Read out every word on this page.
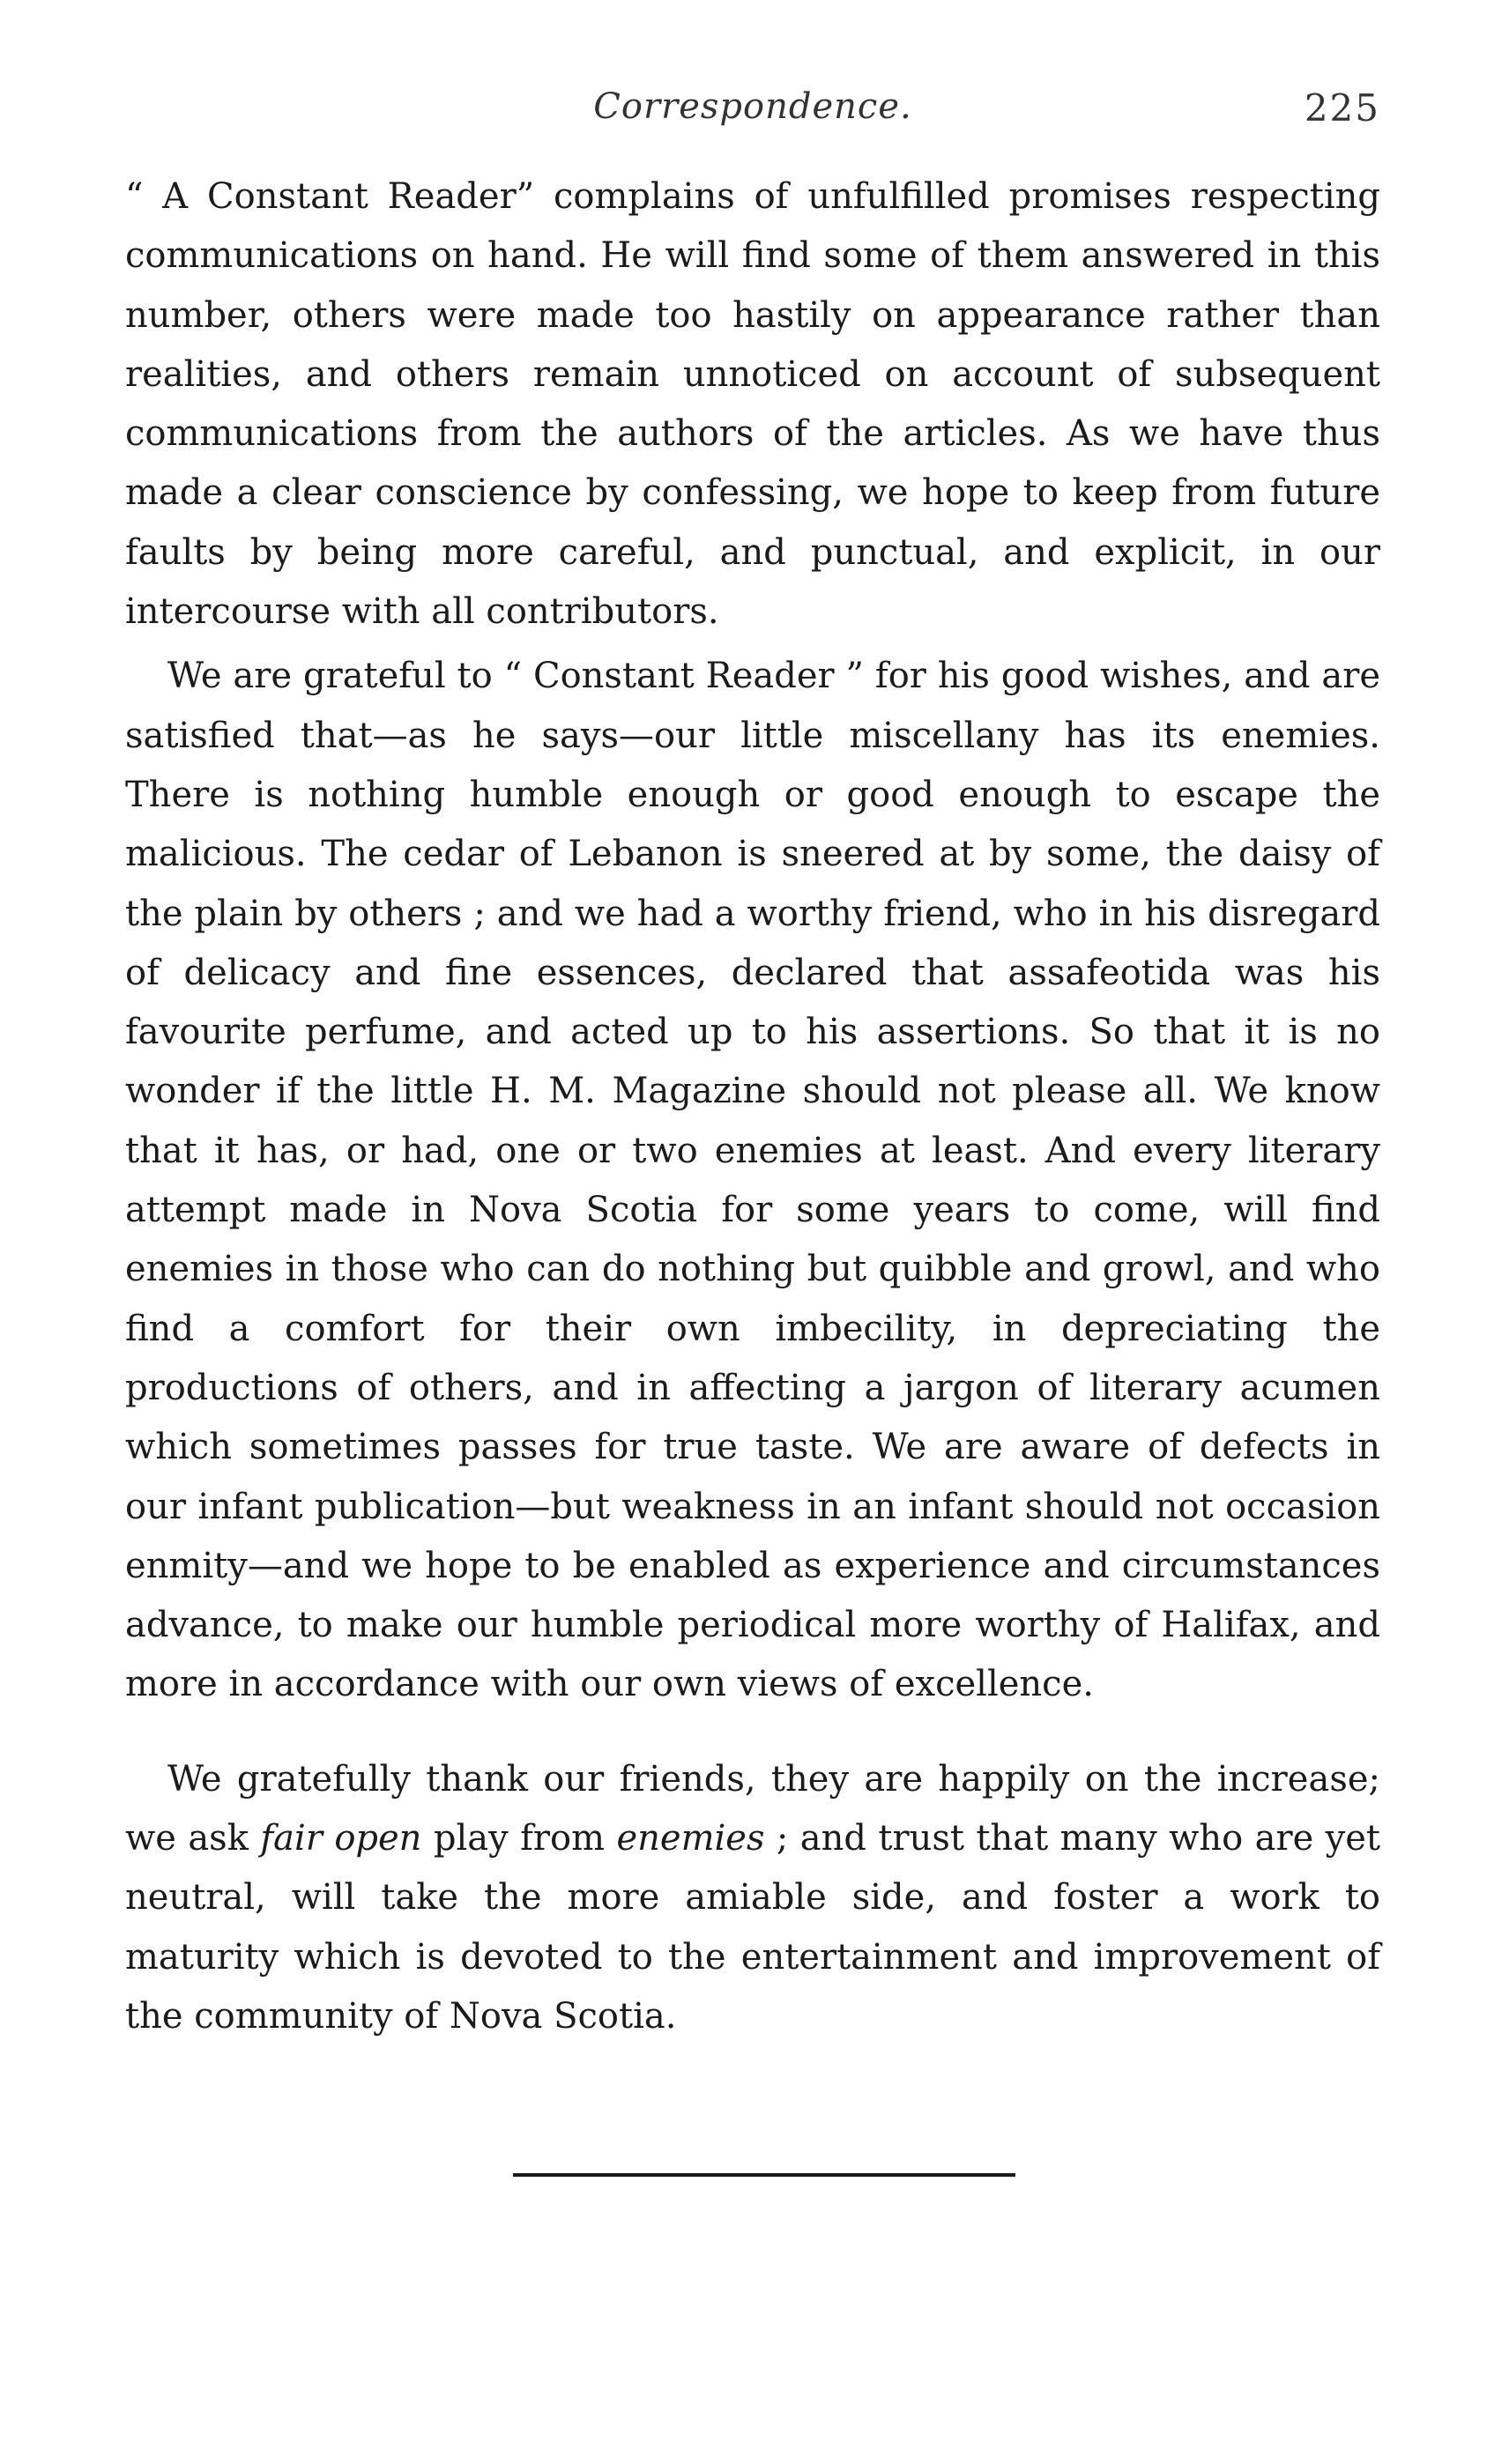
Correspondence.	225

“ A Constant Reader” complains of unfulfilled promises respecting communications on hand. He will find some of them answered in this number, others were made too hastily on appearance rather than realities, and others remain unnoticed on account of subsequent communications from the authors of the articles. As we have thus made a clear conscience by confessing, we hope to keep from future faults by being more careful, and punctual, and explicit, in our intercourse with all contributors.

We are grateful to “ Constant Reader ” for his good wishes, and are satisfied that—as he says—our little miscellany has its enemies. There is nothing humble enough or good enough to escape the malicious. The cedar of Lebanon is sneered at by some, the daisy of the plain by others ; and we had a worthy friend, who in his disregard of delicacy and fine essences, declared that assafeotida was his favourite perfume, and acted up to his assertions. So that it is no wonder if the little H. M. Magazine should not please all. We know that it has, or had, one or two enemies at least. And every literary attempt made in Nova Scotia for some years to come, will find enemies in those who can do nothing but quibble and growl, and who find a comfort for their own imbecility, in depreciating the productions of others, and in affecting a jargon of literary acumen which sometimes passes for true taste. We are aware of defects in our infant publication—but weakness in an infant should not occasion enmity—and we hope to be enabled as experience and circumstances advance, to make our humble periodical more worthy of Halifax, and more in accordance with our own views of excellence.

We gratefully thank our friends, they are happily on the increase; we ask fair open play from enemies ; and trust that many who are yet neutral, will take the more amiable side, and foster a work to maturity which is devoted to the entertainment and improvement of the community of Nova Scotia.
